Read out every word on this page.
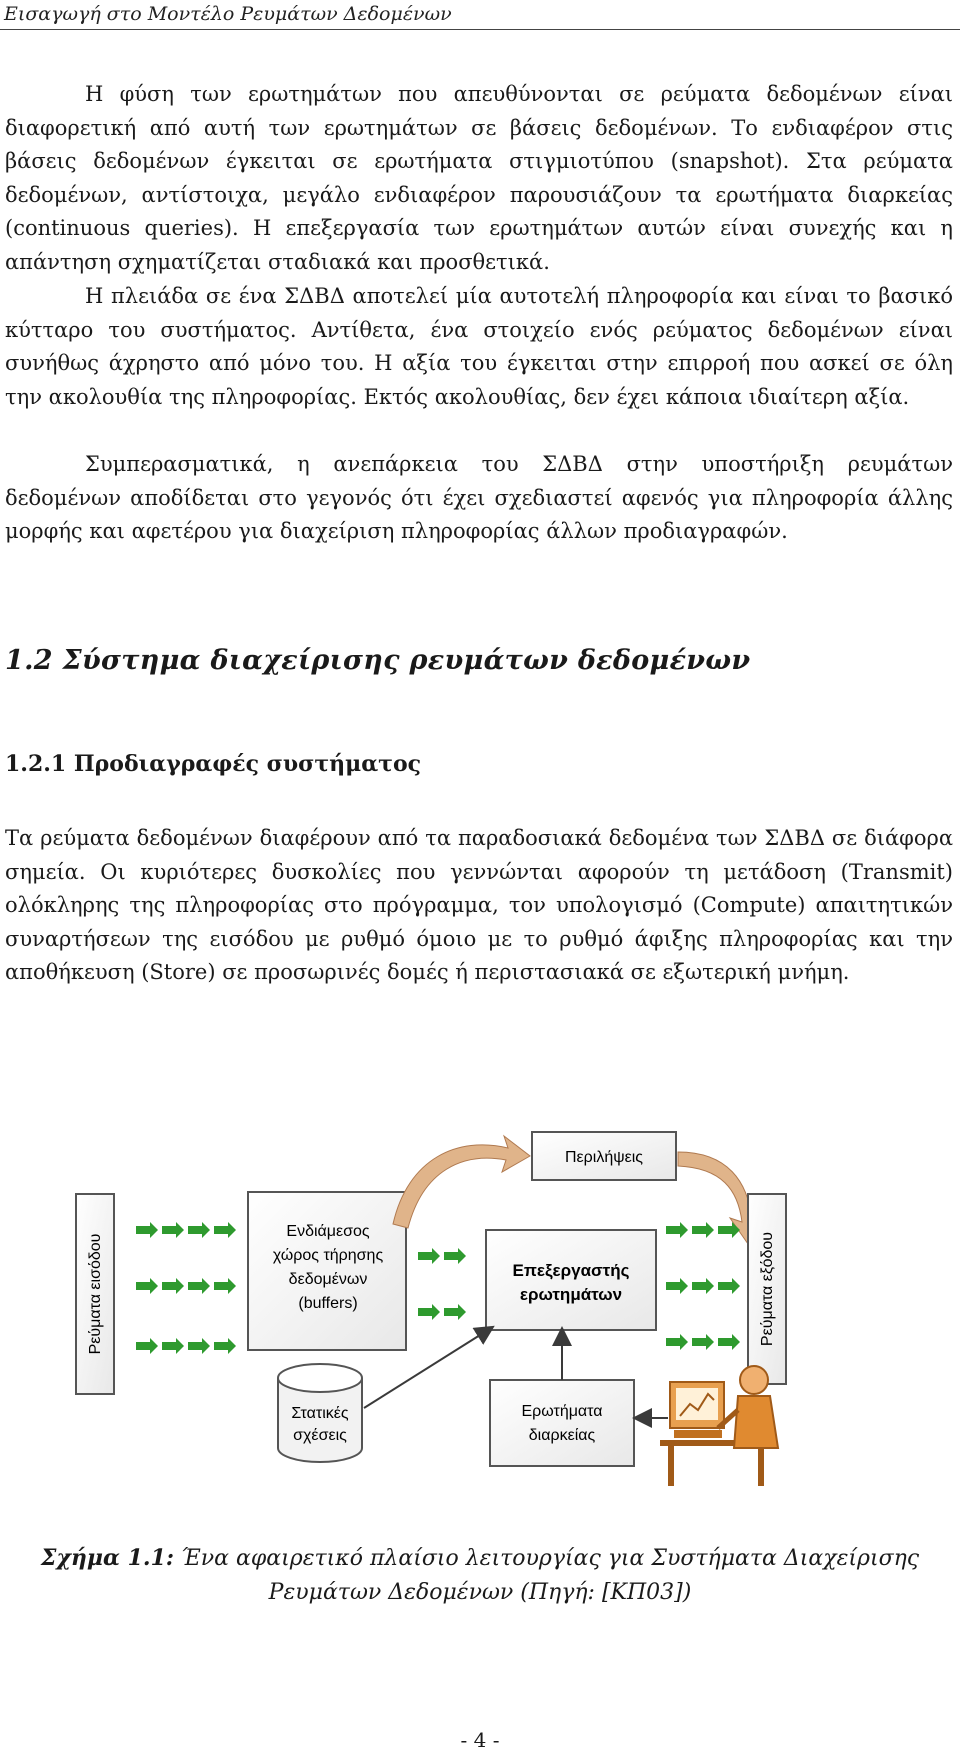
Εισαγωγή στο Μοντέλο Ρευμάτων Δεδομένων

Η φύση των ερωτημάτων που απευθύνονται σε ρεύματα δεδομένων είναι διαφορετική από αυτή των ερωτημάτων σε βάσεις δεδομένων. Το ενδιαφέρον στις βάσεις δεδομένων έγκειται σε ερωτήματα στιγμιοτύπου (snapshot). Στα ρεύματα δεδομένων, αντίστοιχα, μεγάλο ενδιαφέρον παρουσιάζουν τα ερωτήματα διαρκείας (continuous queries). Η επεξεργασία των ερωτημάτων αυτών είναι συνεχής και η απάντηση σχηματίζεται σταδιακά και προσθετικά.

Η πλειάδα σε ένα ΣΔΒΔ αποτελεί μία αυτοτελή πληροφορία και είναι το βασικό κύτταρο του συστήματος. Αντίθετα, ένα στοιχείο ενός ρεύματος δεδομένων είναι συνήθως άχρηστο από μόνο του. Η αξία του έγκειται στην επιρροή που ασκεί σε όλη την ακολουθία της πληροφορίας. Εκτός ακολουθίας, δεν έχει κάποια ιδιαίτερη αξία.

Συμπερασματικά, η ανεπάρκεια του ΣΔΒΔ στην υποστήριξη ρευμάτων δεδομένων αποδίδεται στο γεγονός ότι έχει σχεδιαστεί αφενός για πληροφορία άλλης μορφής και αφετέρου για διαχείριση πληροφορίας άλλων προδιαγραφών.

1.2 Σύστημα διαχείρισης ρευμάτων δεδομένων
1.2.1 Προδιαγραφές συστήματος

Τα ρεύματα δεδομένων διαφέρουν από τα παραδοσιακά δεδομένα των ΣΔΒΔ σε διάφορα σημεία. Οι κυριότερες δυσκολίες που γεννώνται αφορούν τη μετάδοση (Transmit) ολόκληρης της πληροφορίας στο πρόγραμμα, τον υπολογισμό (Compute) απαιτητικών συναρτήσεων της εισόδου με ρυθμό όμοιο με το ρυθμό άφιξης πληροφορίας και την αποθήκευση (Store) σε προσωρινές δομές ή περιστασιακά σε εξωτερική μνήμη.

Ρεύματα εισόδου
Ενδιάμεσος
χώρος τήρησης
δεδομένων
(buffers)
Περιλήψεις
Επεξεργαστής
ερωτημάτων	Ρεύματα εξόδου
Στατικές
σχέσεις
Ερωτήματα
διαρκείας
Σχήμα 1.1: Ένα αφαιρετικό πλαίσιο λειτουργίας για Συστήματα Διαχείρισης
Ρευμάτων Δεδομένων (Πηγή: [ΚΠ03])
- 4 -
